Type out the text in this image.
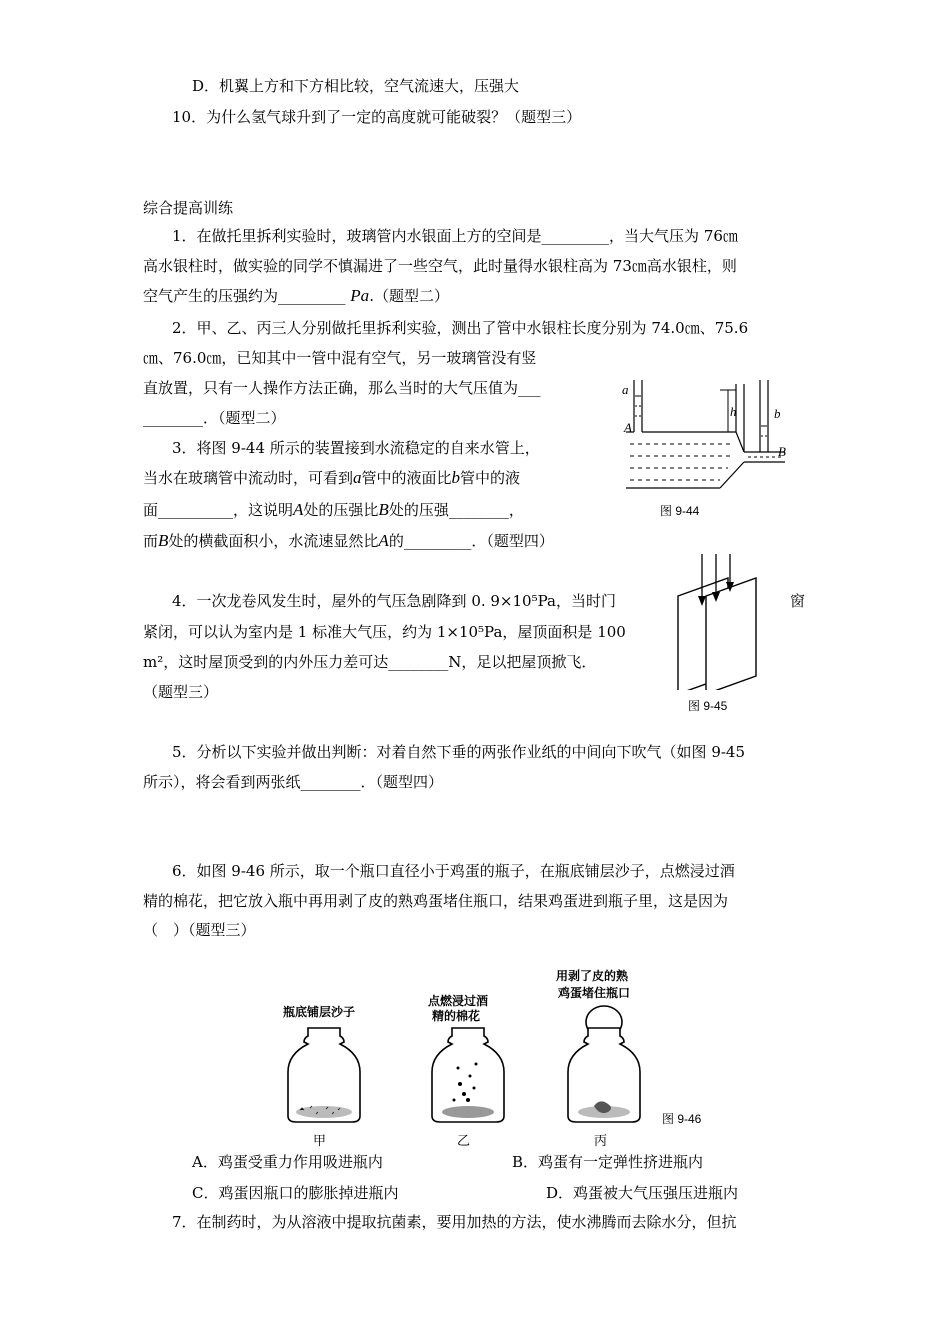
D．机翼上方和下方相比较，空气流速大，压强大
10．为什么氢气球升到了一定的高度就可能破裂？（题型三）
综合提高训练
1．在做托里拆利实验时，玻璃管内水银面上方的空间是_________，当大气压为 76㎝
高水银柱时，做实验的同学不慎漏进了一些空气，此时量得水银柱高为 73㎝高水银柱，则
空气产生的压强约为_________ Pa.（题型二）
2．甲、乙、丙三人分别做托里拆利实验，测出了管中水银柱长度分别为 74.0㎝、75.6
㎝、76.0㎝，已知其中一管中混有空气，另一玻璃管没有竖
直放置，只有一人操作方法正确，那么当时的大气压值为___
________．（题型二）
3．将图 9-44 所示的装置接到水流稳定的自来水管上，
当水在玻璃管中流动时，可看到a管中的液面比b管中的液
面__________，这说明A处的压强比B处的压强________，
而B处的横截面积小，水流速显然比A的_________．（题型四）
a
b
h
A
B
图 9-44
4．一次龙卷风发生时，屋外的气压急剧降到 0. 9×10⁵Pa，当时门	窗
紧闭，可以认为室内是 1 标准大气压，约为 1×10⁵Pa，屋顶面积是 100
m²，这时屋顶受到的内外压力差可达________N，足以把屋顶掀飞．
（题型三）
图 9-45
5．分析以下实验并做出判断：对着自然下垂的两张作业纸的中间向下吹气（如图 9-45
所示），将会看到两张纸________．（题型四）
6．如图 9-46 所示，取一个瓶口直径小于鸡蛋的瓶子，在瓶底铺层沙子，点燃浸过酒
精的棉花，把它放入瓶中再用剥了皮的熟鸡蛋堵住瓶口，结果鸡蛋进到瓶子里，这是因为
（　）（题型三）
瓶底铺层沙子
点燃浸过酒
精的棉花
用剥了皮的熟
鸡蛋堵住瓶口
甲	乙	丙
图 9-46
A．鸡蛋受重力作用吸进瓶内	B．鸡蛋有一定弹性挤进瓶内
C．鸡蛋因瓶口的膨胀掉进瓶内	D．鸡蛋被大气压强压进瓶内
7．在制药时，为从溶液中提取抗菌素，要用加热的方法，使水沸腾而去除水分，但抗
